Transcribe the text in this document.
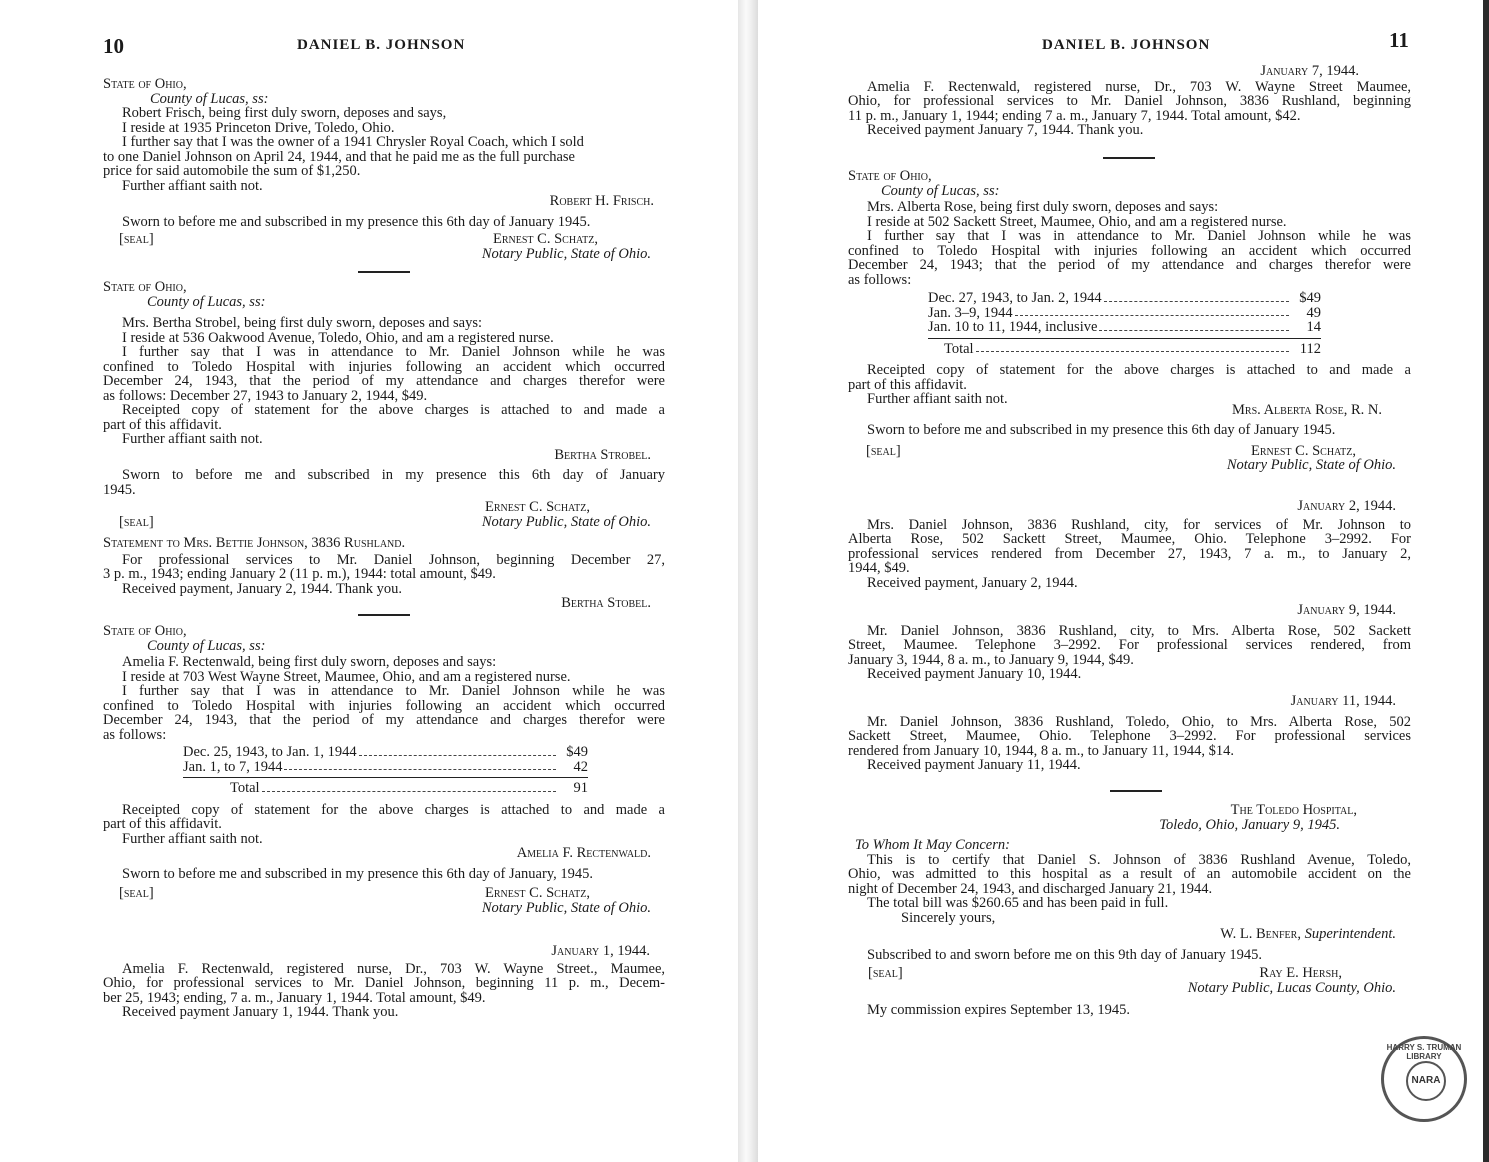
10	DANIEL B. JOHNSON
State of Ohio,
County of Lucas, ss:
Robert Frisch, being first duly sworn, deposes and says,
I reside at 1935 Princeton Drive, Toledo, Ohio.
I further say that I was the owner of a 1941 Chrysler Royal Coach, which I sold
to one Daniel Johnson on April 24, 1944, and that he paid me as the full purchase
price for said automobile the sum of $1,250.
Further affiant saith not.
Robert H. Frisch.
Sworn to before me and subscribed in my presence this 6th day of January 1945.
[seal]	Ernest C. Schatz,
Notary Public, State of Ohio.
State of Ohio,
County of Lucas, ss:
Mrs. Bertha Strobel, being first duly sworn, deposes and says:
I reside at 536 Oakwood Avenue, Toledo, Ohio, and am a registered nurse.
I further say that I was in attendance to Mr. Daniel Johnson while he was
confined to Toledo Hospital with injuries following an accident which occurred
December 24, 1943, that the period of my attendance and charges therefor were
as follows: December 27, 1943 to January 2, 1944, $49.
Receipted copy of statement for the above charges is attached to and made a
part of this affidavit.
Further affiant saith not.
Bertha Strobel.
Sworn to before me and subscribed in my presence this 6th day of January
1945.
Ernest C. Schatz,
[seal]	Notary Public, State of Ohio.
Statement to Mrs. Bettie Johnson, 3836 Rushland.
For professional services to Mr. Daniel Johnson, beginning December 27,
3 p. m., 1943; ending January 2 (11 p. m.), 1944: total amount, $49.
Received payment, January 2, 1944. Thank you.
Bertha Stobel.
State of Ohio,
County of Lucas, ss:
Amelia F. Rectenwald, being first duly sworn, deposes and says:
I reside at 703 West Wayne Street, Maumee, Ohio, and am a registered nurse.
I further say that I was in attendance to Mr. Daniel Johnson while he was
confined to Toledo Hospital with injuries following an accident which occurred
December 24, 1943, that the period of my attendance and charges therefor were
as follows:
Dec. 25, 1943, to Jan. 1, 1944	$49
Jan. 1, to 7, 1944	42
Total	91
Receipted copy of statement for the above charges is attached to and made a
part of this affidavit.
Further affiant saith not.
Amelia F. Rectenwald.
Sworn to before me and subscribed in my presence this 6th day of January, 1945.
[seal]	Ernest C. Schatz,
Notary Public, State of Ohio.
January 1, 1944.
Amelia F. Rectenwald, registered nurse, Dr., 703 W. Wayne Street., Maumee,
Ohio, for professional services to Mr. Daniel Johnson, beginning 11 p. m., Decem-
ber 25, 1943; ending, 7 a. m., January 1, 1944. Total amount, $49.
Received payment January 1, 1944. Thank you.
DANIEL B. JOHNSON	11
January 7, 1944.
Amelia F. Rectenwald, registered nurse, Dr., 703 W. Wayne Street Maumee,
Ohio, for professional services to Mr. Daniel Johnson, 3836 Rushland, beginning
11 p. m., January 1, 1944; ending 7 a. m., January 7, 1944. Total amount, $42.
Received payment January 7, 1944. Thank you.
State of Ohio,
County of Lucas, ss:
Mrs. Alberta Rose, being first duly sworn, deposes and says:
I reside at 502 Sackett Street, Maumee, Ohio, and am a registered nurse.
I further say that I was in attendance to Mr. Daniel Johnson while he was
confined to Toledo Hospital with injuries following an accident which occurred
December 24, 1943; that the period of my attendance and charges therefor were
as follows:
Dec. 27, 1943, to Jan. 2, 1944	$49
Jan. 3–9, 1944	49
Jan. 10 to 11, 1944, inclusive	14
Total	112
Receipted copy of statement for the above charges is attached to and made a
part of this affidavit.
Further affiant saith not.
Mrs. Alberta Rose, R. N.
Sworn to before me and subscribed in my presence this 6th day of January 1945.
[seal]	Ernest C. Schatz,
Notary Public, State of Ohio.
January 2, 1944.
Mrs. Daniel Johnson, 3836 Rushland, city, for services of Mr. Johnson to
Alberta Rose, 502 Sackett Street, Maumee, Ohio. Telephone 3–2992. For
professional services rendered from December 27, 1943, 7 a. m., to January 2,
1944, $49.
Received payment, January 2, 1944.
January 9, 1944.
Mr. Daniel Johnson, 3836 Rushland, city, to Mrs. Alberta Rose, 502 Sackett
Street, Maumee. Telephone 3–2992. For professional services rendered, from
January 3, 1944, 8 a. m., to January 9, 1944, $49.
Received payment January 10, 1944.
January 11, 1944.
Mr. Daniel Johnson, 3836 Rushland, Toledo, Ohio, to Mrs. Alberta Rose, 502
Sackett Street, Maumee, Ohio. Telephone 3–2992. For professional services
rendered from January 10, 1944, 8 a. m., to January 11, 1944, $14.
Received payment January 11, 1944.
The Toledo Hospital,
Toledo, Ohio, January 9, 1945.
To Whom It May Concern:
This is to certify that Daniel S. Johnson of 3836 Rushland Avenue, Toledo,
Ohio, was admitted to this hospital as a result of an automobile accident on the
night of December 24, 1943, and discharged January 21, 1944.
The total bill was $260.65 and has been paid in full.
Sincerely yours,
W. L. Benfer, Superintendent.
Subscribed to and sworn before me on this 9th day of January 1945.
[seal]	Ray E. Hersh,
Notary Public, Lucas County, Ohio.
My commission expires September 13, 1945.
HARRY S. TRUMAN LIBRARY
NARA
